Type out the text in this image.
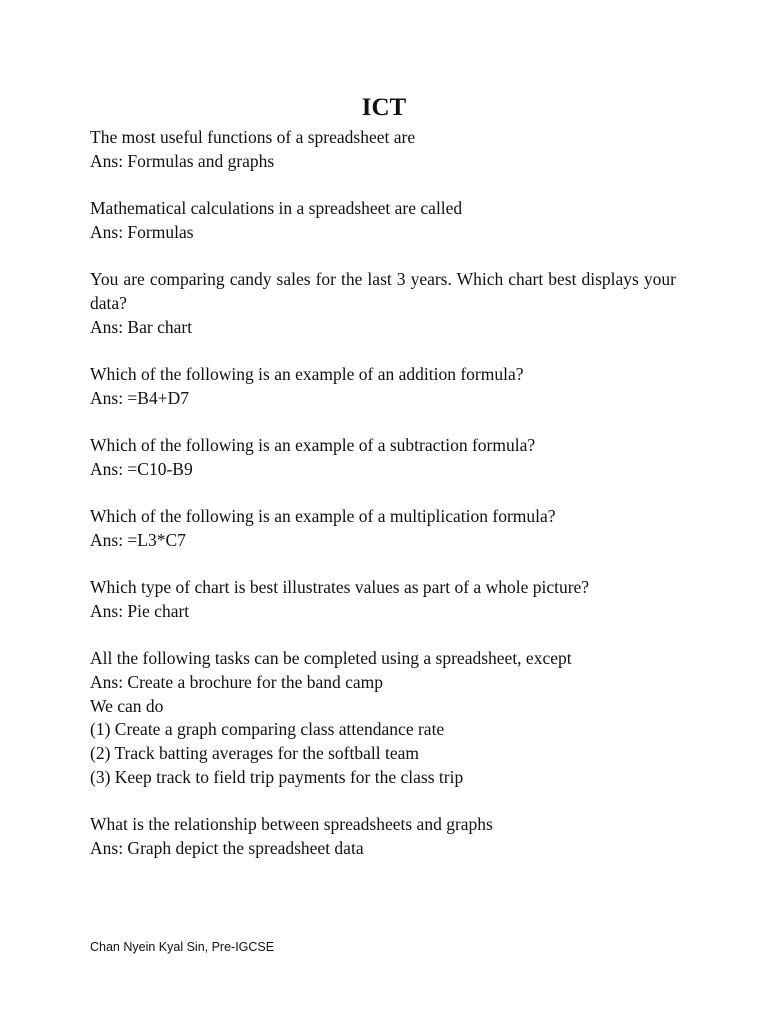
ICT
The most useful functions of a spreadsheet are
Ans: Formulas and graphs
Mathematical calculations in a spreadsheet are called
Ans: Formulas
You are comparing candy sales for the last 3 years. Which chart best displays your data?
Ans: Bar chart
Which of the following is an example of an addition formula?
Ans: =B4+D7
Which of the following is an example of a subtraction formula?
Ans: =C10-B9
Which of the following is an example of a multiplication formula?
Ans: =L3*C7
Which type of chart is best illustrates values as part of a whole picture?
Ans: Pie chart
All the following tasks can be completed using a spreadsheet, except
Ans: Create a brochure for the band camp
We can do
(1) Create a graph comparing class attendance rate
(2) Track batting averages for the softball team
(3) Keep track to field trip payments for the class trip
What is the relationship between spreadsheets and graphs
Ans: Graph depict the spreadsheet data
Chan Nyein Kyal Sin, Pre-IGCSE
